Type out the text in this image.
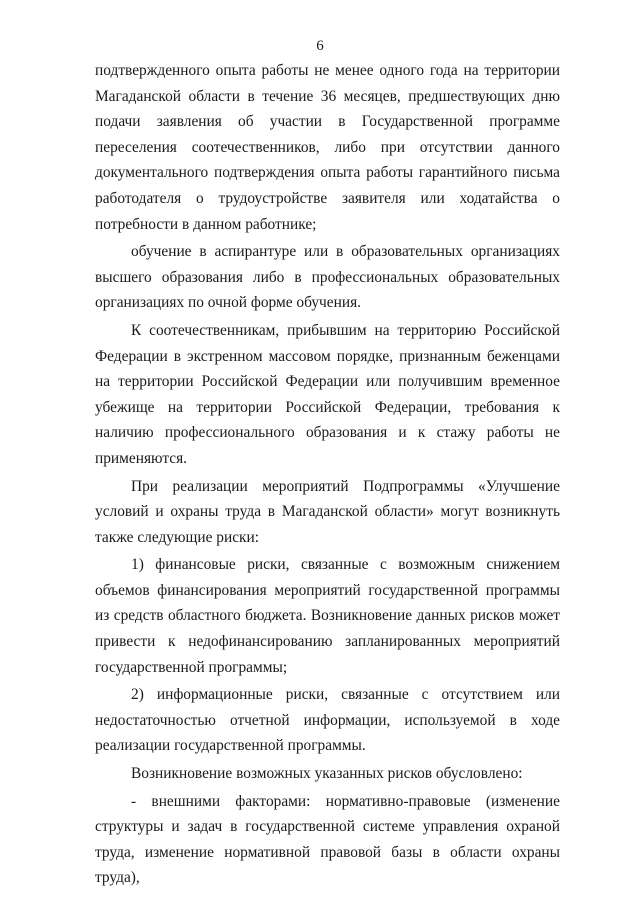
6

подтвержденного опыта работы не менее одного года на территории Магаданской области в течение 36 месяцев, предшествующих дню подачи заявления об участии в Государственной программе переселения соотечественников, либо при отсутствии данного документального подтверждения опыта работы гарантийного письма работодателя о трудоустройстве заявителя или ходатайства о потребности в данном работнике;

обучение в аспирантуре или в образовательных организациях высшего образования либо в профессиональных образовательных организациях по очной форме обучения.

К соотечественникам, прибывшим на территорию Российской Федерации в экстренном массовом порядке, признанным беженцами на территории Российской Федерации или получившим временное убежище на территории Российской Федерации, требования к наличию профессионального образования и к стажу работы не применяются.

При реализации мероприятий Подпрограммы «Улучшение условий и охраны труда в Магаданской области» могут возникнуть также следующие риски:

1) финансовые риски, связанные с возможным снижением объемов финансирования мероприятий государственной программы из средств областного бюджета. Возникновение данных рисков может привести к недофинансированию запланированных мероприятий государственной программы;

2) информационные риски, связанные с отсутствием или недостаточностью отчетной информации, используемой в ходе реализации государственной программы.

Возникновение возможных указанных рисков обусловлено:

- внешними факторами: нормативно-правовые (изменение структуры и задач в государственной системе управления охраной труда, изменение нормативной правовой базы в области охраны труда),
